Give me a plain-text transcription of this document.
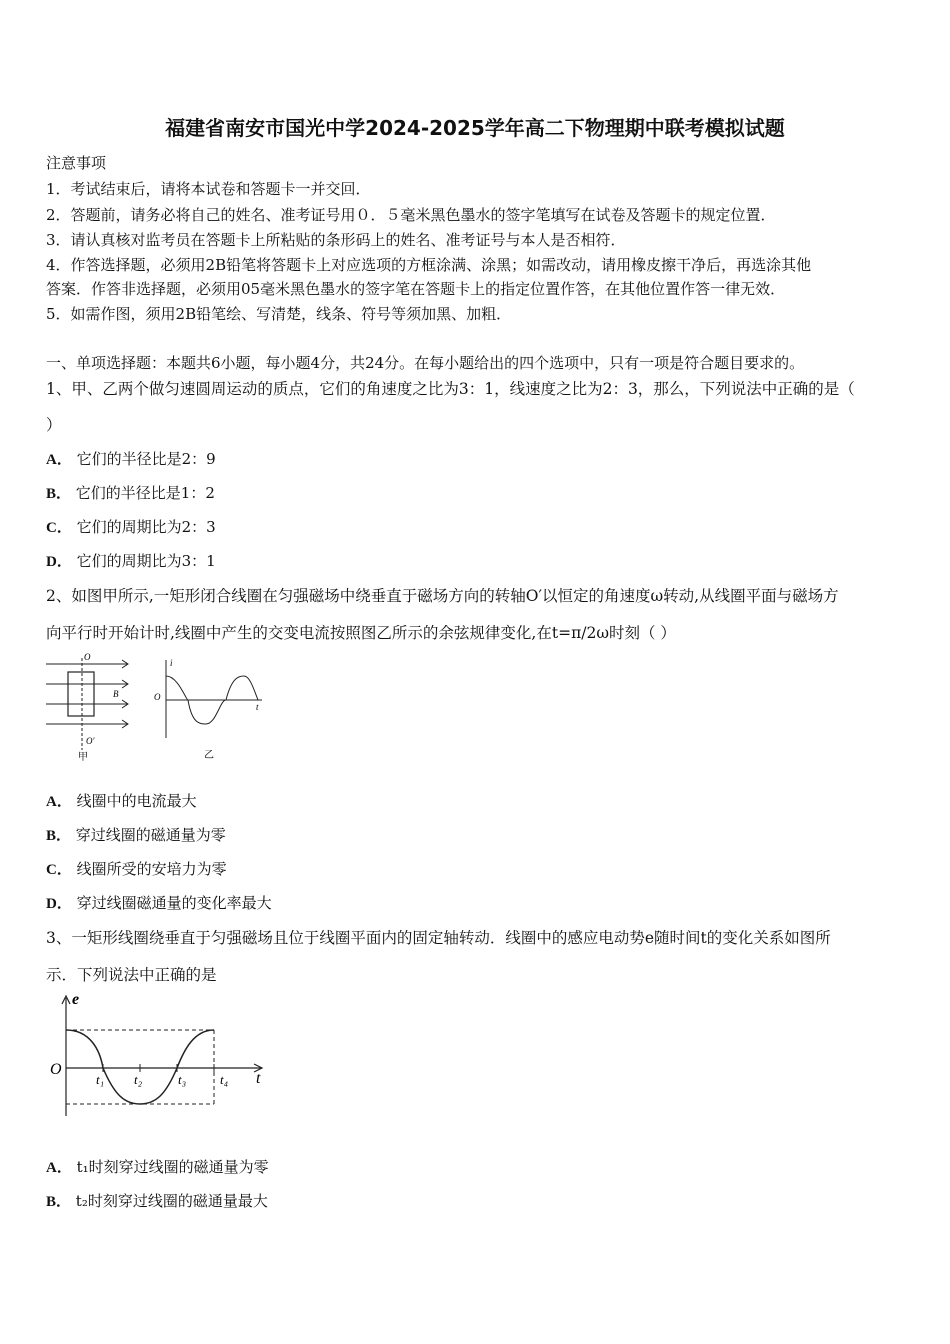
福建省南安市国光中学2024-2025学年高二下物理期中联考模拟试题
注意事项
1．考试结束后，请将本试卷和答题卡一并交回．
2．答题前，请务必将自己的姓名、准考证号用０．５毫米黑色墨水的签字笔填写在试卷及答题卡的规定位置．
3．请认真核对监考员在答题卡上所粘贴的条形码上的姓名、准考证号与本人是否相符．
4．作答选择题，必须用2B铅笔将答题卡上对应选项的方框涂满、涂黑；如需改动，请用橡皮擦干净后，再选涂其他
答案．作答非选择题，必须用05毫米黑色墨水的签字笔在答题卡上的指定位置作答，在其他位置作答一律无效．
5．如需作图，须用2B铅笔绘、写清楚，线条、符号等须加黑、加粗．
一、单项选择题：本题共6小题，每小题4分，共24分。在每小题给出的四个选项中，只有一项是符合题目要求的。
1、甲、乙两个做匀速圆周运动的质点，它们的角速度之比为3：1，线速度之比为2：3，那么，下列说法中正确的是（
）
A． 它们的半径比是2：9
B． 它们的半径比是1：2
C． 它们的周期比为2：3
D． 它们的周期比为3：1
2、如图甲所示,一矩形闭合线圈在匀强磁场中绕垂直于磁场方向的转轴O′以恒定的角速度ω转动,从线圈平面与磁场方
向平行时开始计时,线圈中产生的交变电流按照图乙所示的余弦规律变化,在t=π/2ω时刻（ ）
O
B
O′
甲
i
O
t
乙
A． 线圈中的电流最大
B． 穿过线圈的磁通量为零
C． 线圈所受的安培力为零
D． 穿过线圈磁通量的变化率最大
3、一矩形线圈绕垂直于匀强磁场且位于线圈平面内的固定轴转动．线圈中的感应电动势e随时间t的变化关系如图所
示．下列说法中正确的是
e
O
t
t₁ t₂	t₃	t₄
A． t₁时刻穿过线圈的磁通量为零
B． t₂时刻穿过线圈的磁通量最大
